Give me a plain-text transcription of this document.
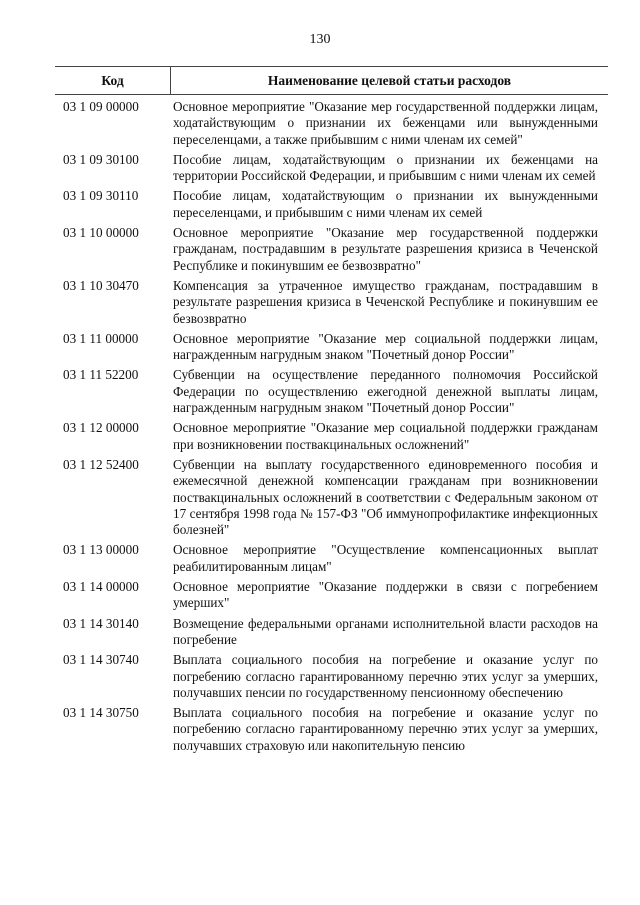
130
Код	Наименование целевой статьи расходов
03 1 09 00000	Основное мероприятие "Оказание мер государственной поддержки лицам, ходатайствующим о признании их беженцами или вынужденными переселенцами, а также прибывшим с ними членам их семей"
03 1 09 30100	Пособие лицам, ходатайствующим о признании их беженцами на территории Российской Федерации, и прибывшим с ними членам их семей
03 1 09 30110	Пособие лицам, ходатайствующим о признании их вынужденными переселенцами, и прибывшим с ними членам их семей
03 1 10 00000	Основное мероприятие "Оказание мер государственной поддержки гражданам, пострадавшим в результате разрешения кризиса в Чеченской Республике и покинувшим ее безвозвратно"
03 1 10 30470	Компенсация за утраченное имущество гражданам, пострадавшим в результате разрешения кризиса в Чеченской Республике и покинувшим ее безвозвратно
03 1 11 00000	Основное мероприятие "Оказание мер социальной поддержки лицам, награжденным нагрудным знаком "Почетный донор России"
03 1 11 52200	Субвенции на осуществление переданного полномочия Российской Федерации по осуществлению ежегодной денежной выплаты лицам, награжденным нагрудным знаком "Почетный донор России"
03 1 12 00000	Основное мероприятие "Оказание мер социальной поддержки гражданам при возникновении поствакцинальных осложнений"
03 1 12 52400	Субвенции на выплату государственного единовременного пособия и ежемесячной денежной компенсации гражданам при возникновении поствакцинальных осложнений в соответствии с Федеральным законом от 17 сентября 1998 года № 157-ФЗ "Об иммунопрофилактике инфекционных болезней"
03 1 13 00000	Основное мероприятие "Осуществление компенсационных выплат реабилитированным лицам"
03 1 14 00000	Основное мероприятие "Оказание поддержки в связи с погребением умерших"
03 1 14 30140	Возмещение федеральными органами исполнительной власти расходов на погребение
03 1 14 30740	Выплата социального пособия на погребение и оказание услуг по погребению согласно гарантированному перечню этих услуг за умерших, получавших пенсии по государственному пенсионному обеспечению
03 1 14 30750	Выплата социального пособия на погребение и оказание услуг по погребению согласно гарантированному перечню этих услуг за умерших, получавших страховую или накопительную пенсию
